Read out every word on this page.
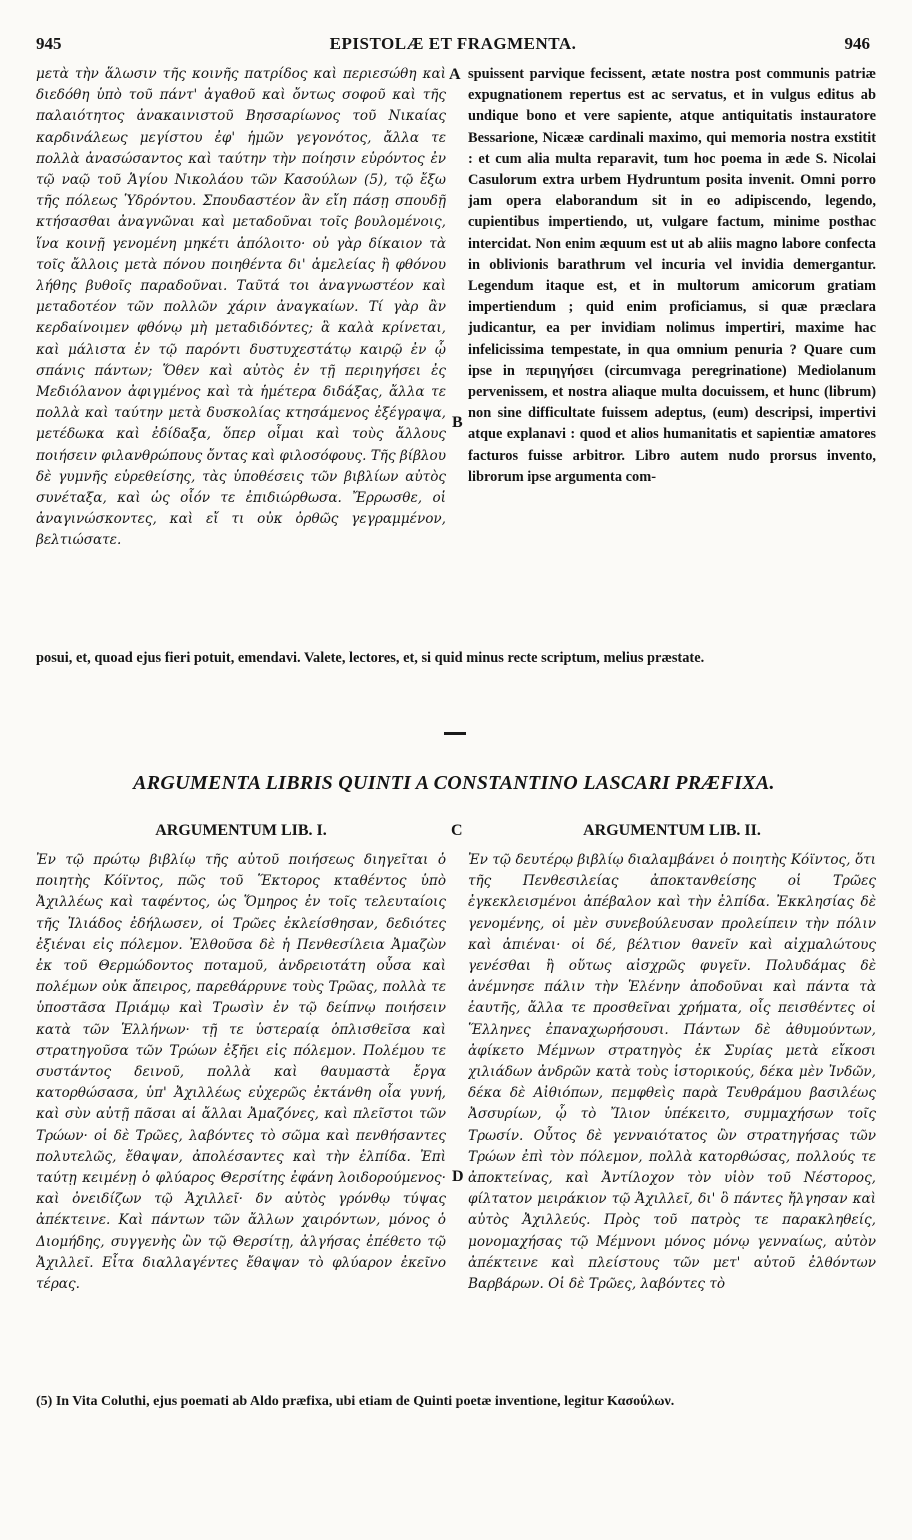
945	EPISTOLÆ ET FRAGMENTA.	946
μετὰ τὴν ἅλωσιν τῆς κοινῆς πατρίδος καὶ περιεσώθη καὶ διεδόθη ὑπὸ τοῦ πάντ' ἀγαθοῦ καὶ ὄντως σοφοῦ καὶ τῆς παλαιότητος ἀνακαινιστοῦ Βησσαρίωνος τοῦ Νικαίας καρδινάλεως μεγίστου ἐφ' ἡμῶν γεγονότος, ἄλλα τε πολλὰ ἀνασώσαντος καὶ ταύτην τὴν ποίησιν εὑρόντος ἐν τῷ ναῷ τοῦ Ἁγίου Νικολάου τῶν Κασούλων (5), τῷ ἔξω τῆς πόλεως Ὑδρόντου. Σπουδαστέον ἂν εἴη πάσῃ σπουδῇ κτήσασθαι ἀναγνῶναι καὶ μεταδοῦναι τοῖς βουλομένοις, ἵνα κοινῇ γενομένη μηκέτι ἀπόλοιτο· οὐ γὰρ δίκαιον τὰ τοῖς ἄλλοις μετὰ πόνου ποιηθέντα δι' ἀμελείας ἢ φθόνου λήθης βυθοῖς παραδοῦναι. Ταῦτά τοι ἀναγνωστέον καὶ μεταδοτέον τῶν πολλῶν χάριν ἀναγκαίων. Τί γὰρ ἂν κερδαίνοιμεν φθόνῳ μὴ μεταδιδόντες; ἃ καλὰ κρίνεται, καὶ μάλιστα ἐν τῷ παρόντι δυστυχεστάτῳ καιρῷ ἐν ᾧ σπάνις πάντων; Ὅθεν καὶ αὐτὸς ἐν τῇ περιηγήσει ἐς Μεδιόλανον ἀφιγμένος καὶ τὰ ἡμέτερα διδάξας, ἄλλα τε πολλὰ καὶ ταύτην μετὰ δυσκολίας κτησάμενος ἐξέγραψα, μετέδωκα καὶ ἐδίδαξα, ὅπερ οἶμαι καὶ τοὺς ἄλλους ποιήσειν φιλανθρώπους ὄντας καὶ φιλοσόφους. Τῆς βίβλου δὲ γυμνῆς εὑρεθείσης, τὰς ὑποθέσεις τῶν βιβλίων αὐτὸς συνέταξα, καὶ ὡς οἷόν τε ἐπιδιώρθωσα. Ἔρρωσθε, οἱ ἀναγινώσκοντες, καὶ εἴ τι οὐκ ὀρθῶς γεγραμμένον, βελτιώσατε.
spuissent parvique fecissent, ætate nostra post communis patriæ expugnationem repertus est ac servatus, et in vulgus editus ab undique bono et vere sapiente, atque antiquitatis instauratore Bessarione, Nicææ cardinali maximo, qui memoria nostra exstitit : et cum alia multa reparavit, tum hoc poema in æde S. Nicolai Casulorum extra urbem Hydruntum posita invenit. Omni porro jam opera elaborandum sit in eo adipiscendo, legendo, cupientibus impertiendo, ut, vulgare factum, minime posthac intercidat. Non enim æquum est ut ab aliis magno labore confecta in oblivionis barathrum vel incuria vel invidia demergantur. Legendum itaque est, et in multorum amicorum gratiam impertiendum ; quid enim proficiamus, si quæ præclara judicantur, ea per invidiam nolimus impertiri, maxime hac infelicissima tempestate, in qua omnium penuria ? Quare cum ipse in περιηγήσει (circumvaga peregrinatione) Mediolanum pervenissem, et nostra aliaque multa docuissem, et hunc (librum) non sine difficultate fuissem adeptus, (eum) descripsi, impertivi atque explanavi : quod et alios humanitatis et sapientiæ amatores facturos fuisse arbitror. Libro autem nudo prorsus invento, librorum ipse argumenta com-
posui, et, quoad ejus fieri potuit, emendavi. Valete, lectores, et, si quid minus recte scriptum, melius præstate.
A
B
C
D
ARGUMENTA LIBRIS QUINTI A CONSTANTINO LASCARI PRÆFIXA.
ARGUMENTUM LIB. I.	ARGUMENTUM LIB. II.
Ἐν τῷ πρώτῳ βιβλίῳ τῆς αὐτοῦ ποιήσεως διηγεῖται ὁ ποιητὴς Κόϊντος, πῶς τοῦ Ἕκτορος κταθέντος ὑπὸ Ἀχιλλέως καὶ ταφέντος, ὡς Ὅμηρος ἐν τοῖς τελευταίοις τῆς Ἰλιάδος ἐδήλωσεν, οἱ Τρῶες ἐκλείσθησαν, δεδιότες ἐξιέναι εἰς πόλεμον. Ἐλθοῦσα δὲ ἡ Πενθεσίλεια Ἀμαζὼν ἐκ τοῦ Θερμώδοντος ποταμοῦ, ἀνδρειοτάτη οὖσα καὶ πολέμων οὐκ ἄπειρος, παρεθάρρυνε τοὺς Τρῶας, πολλὰ τε ὑποστᾶσα Πριάμῳ καὶ Τρωσὶν ἐν τῷ δείπνῳ ποιήσειν κατὰ τῶν Ἑλλήνων· τῇ τε ὑστεραίᾳ ὁπλισθεῖσα καὶ στρατηγοῦσα τῶν Τρώων ἐξῆει εἰς πόλεμον. Πολέμου τε συστάντος δεινοῦ, πολλὰ καὶ θαυμαστὰ ἔργα κατορθώσασα, ὑπ' Ἀχιλλέως εὐχερῶς ἐκτάνθη οἷα γυνή, καὶ σὺν αὐτῇ πᾶσαι αἱ ἄλλαι Ἀμαζόνες, καὶ πλεῖστοι τῶν Τρώων· οἱ δὲ Τρῶες, λαβόντες τὸ σῶμα καὶ πενθήσαντες πολυτελῶς, ἔθαψαν, ἀπολέσαντες καὶ τὴν ἐλπίδα. Ἐπὶ ταύτῃ κειμένῃ ὁ φλύαρος Θερσίτης ἐφάνη λοιδορούμενος· καὶ ὀνειδίζων τῷ Ἀχιλλεῖ· δν αὐτὸς γρόνθῳ τύψας ἀπέκτεινε. Καὶ πάντων τῶν ἄλλων χαιρόντων, μόνος ὁ Διομήδης, συγγενὴς ὢν τῷ Θερσίτῃ, ἀλγήσας ἐπέθετο τῷ Ἀχιλλεῖ. Εἶτα διαλλαγέντες ἔθαψαν τὸ φλύαρον ἐκεῖνο τέρας.
Ἐν τῷ δευτέρῳ βιβλίῳ διαλαμβάνει ὁ ποιητὴς Κόϊντος, ὅτι τῆς Πενθεσιλείας ἀποκτανθείσης οἱ Τρῶες ἐγκεκλεισμένοι ἀπέβαλον καὶ τὴν ἐλπίδα. Ἐκκλησίας δὲ γενομένης, οἱ μὲν συνεβούλευσαν προλείπειν τὴν πόλιν καὶ ἀπιέναι· οἱ δέ, βέλτιον θανεῖν καὶ αἰχμαλώτους γενέσθαι ἢ οὕτως αἰσχρῶς φυγεῖν. Πολυδάμας δὲ ἀνέμνησε πάλιν τὴν Ἑλένην ἀποδοῦναι καὶ πάντα τὰ ἑαυτῆς, ἄλλα τε προσθεῖναι χρήματα, οἷς πεισθέντες οἱ Ἕλληνες ἐπαναχωρήσουσι. Πάντων δὲ ἀθυμούντων, ἀφίκετο Μέμνων στρατηγὸς ἐκ Συρίας μετὰ εἴκοσι χιλιάδων ἀνδρῶν κατὰ τοὺς ἱστορικούς, δέκα μὲν Ἰνδῶν, δέκα δὲ Αἰθιόπων, πεμφθεὶς παρὰ Τευθράμου βασιλέως Ἀσσυρίων, ᾧ τὸ Ἴλιον ὑπέκειτο, συμμαχήσων τοῖς Τρωσίν. Οὗτος δὲ γενναιότατος ὢν στρατηγήσας τῶν Τρώων ἐπὶ τὸν πόλεμον, πολλὰ κατορθώσας, πολλούς τε ἀποκτείνας, καὶ Ἀντίλοχον τὸν υἱὸν τοῦ Νέστορος, φίλτατον μειράκιον τῷ Ἀχιλλεῖ, δι' ὃ πάντες ἤλγησαν καὶ αὐτὸς Ἀχιλλεύς. Πρὸς τοῦ πατρὸς τε παρακληθείς, μονομαχήσας τῷ Μέμνονι μόνος μόνῳ γενναίως, αὐτὸν ἀπέκτεινε καὶ πλείστους τῶν μετ' αὐτοῦ ἐλθόντων Βαρβάρων. Οἱ δὲ Τρῶες, λαβόντες τὸ
(5) In Vita Coluthi, ejus poemati ab Aldo præfixa, ubi etiam de Quinti poetæ inventione, legitur Κασούλων.
